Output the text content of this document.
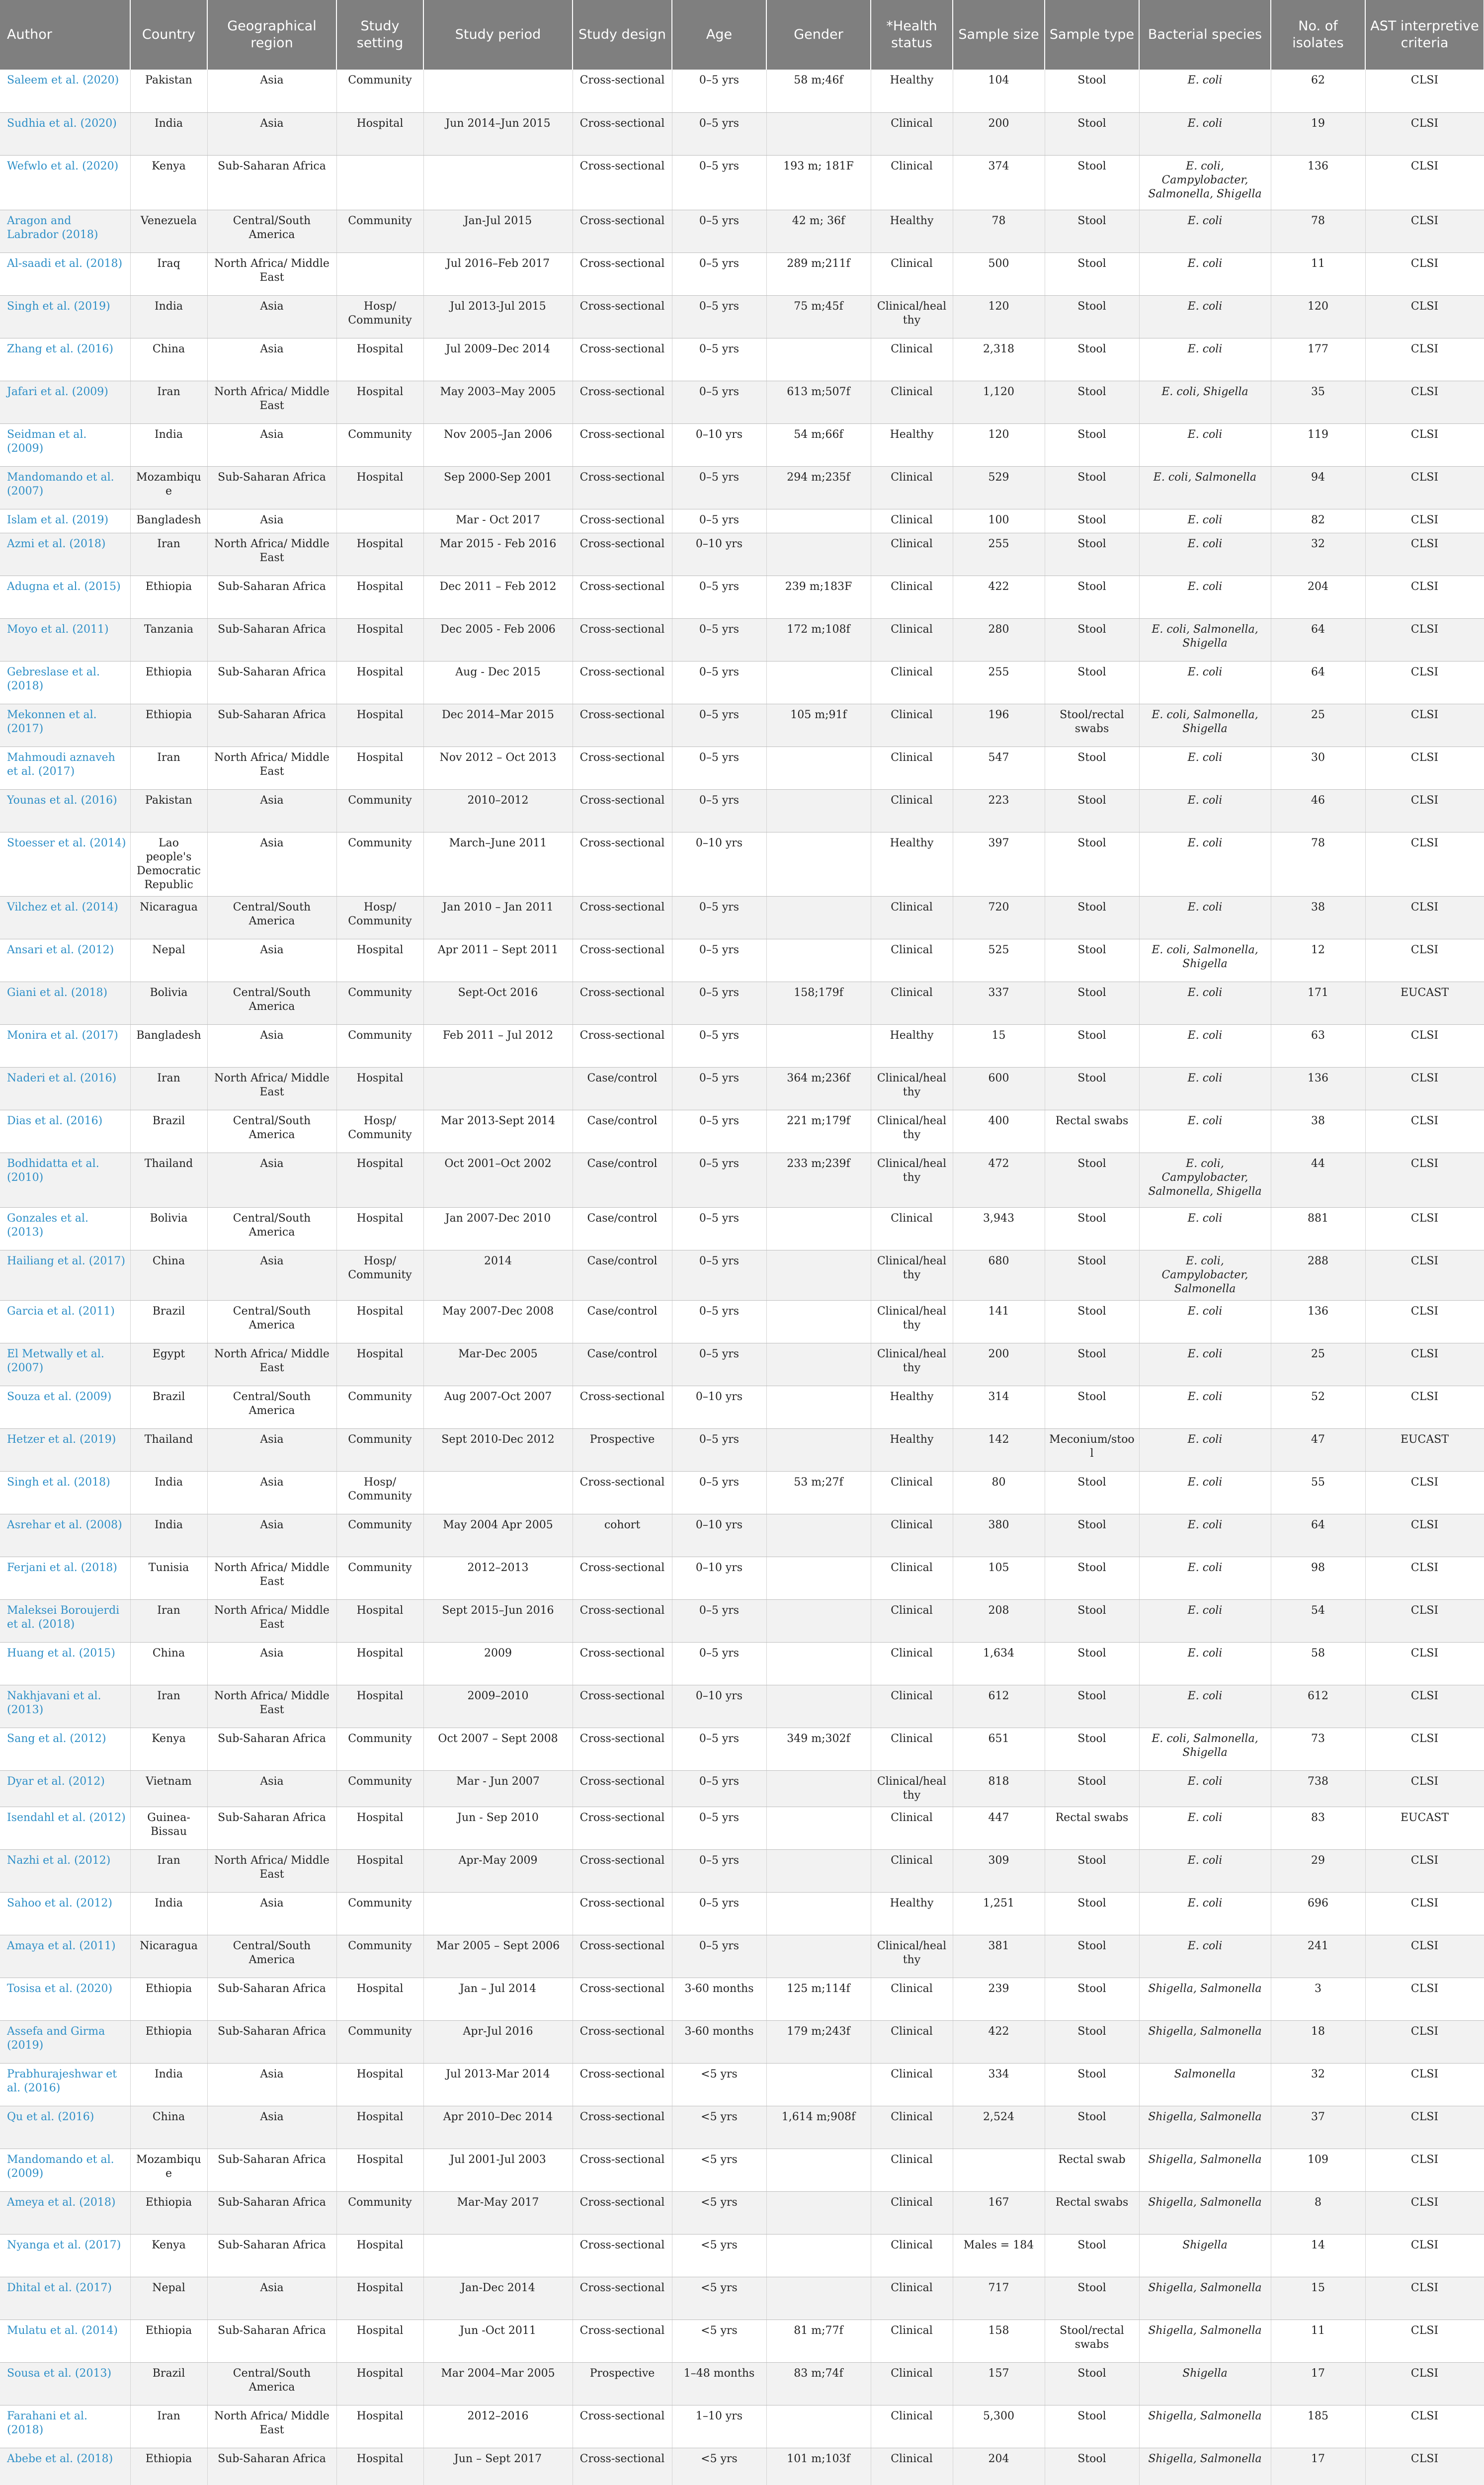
Author	Country	Geographical region	Study setting	Study period	Study design	Age	Gender	*Health status	Sample size	Sample type	Bacterial species	No. of isolates	AST interpretive criteria
Saleem et al. (2020)	Pakistan	Asia	Community		Cross-sectional	0–5 yrs	58 m;46f	Healthy	104	Stool	E. coli	62	CLSI
Sudhia et al. (2020)	India	Asia	Hospital	Jun 2014–Jun 2015	Cross-sectional	0–5 yrs		Clinical	200	Stool	E. coli	19	CLSI
Wefwlo et al. (2020)	Kenya	Sub-Saharan Africa			Cross-sectional	0–5 yrs	193 m; 181F	Clinical	374	Stool	E. coli, Campylobacter, Salmonella, Shigella	136	CLSI
Aragon and Labrador (2018)	Venezuela	Central/South America	Community	Jan-Jul 2015	Cross-sectional	0–5 yrs	42 m; 36f	Healthy	78	Stool	E. coli	78	CLSI
Al-saadi et al. (2018)	Iraq	North Africa/ Middle East		Jul 2016–Feb 2017	Cross-sectional	0–5 yrs	289 m;211f	Clinical	500	Stool	E. coli	11	CLSI
Singh et al. (2019)	India	Asia	Hosp/ Community	Jul 2013-Jul 2015	Cross-sectional	0–5 yrs	75 m;45f	Clinical/healthy	120	Stool	E. coli	120	CLSI
Zhang et al. (2016)	China	Asia	Hospital	Jul 2009–Dec 2014	Cross-sectional	0–5 yrs		Clinical	2,318	Stool	E. coli	177	CLSI
Jafari et al. (2009)	Iran	North Africa/ Middle East	Hospital	May 2003–May 2005	Cross-sectional	0–5 yrs	613 m;507f	Clinical	1,120	Stool	E. coli, Shigella	35	CLSI
Seidman et al. (2009)	India	Asia	Community	Nov 2005–Jan 2006	Cross-sectional	0–10 yrs	54 m;66f	Healthy	120	Stool	E. coli	119	CLSI
Mandomando et al. (2007)	Mozambique	Sub-Saharan Africa	Hospital	Sep 2000-Sep 2001	Cross-sectional	0–5 yrs	294 m;235f	Clinical	529	Stool	E. coli, Salmonella	94	CLSI
Islam et al. (2019)	Bangladesh	Asia		Mar - Oct 2017	Cross-sectional	0–5 yrs		Clinical	100	Stool	E. coli	82	CLSI
Azmi et al. (2018)	Iran	North Africa/ Middle East	Hospital	Mar 2015 - Feb 2016	Cross-sectional	0–10 yrs		Clinical	255	Stool	E. coli	32	CLSI
Adugna et al. (2015)	Ethiopia	Sub-Saharan Africa	Hospital	Dec 2011 – Feb 2012	Cross-sectional	0–5 yrs	239 m;183F	Clinical	422	Stool	E. coli	204	CLSI
Moyo et al. (2011)	Tanzania	Sub-Saharan Africa	Hospital	Dec 2005 - Feb 2006	Cross-sectional	0–5 yrs	172 m;108f	Clinical	280	Stool	E. coli, Salmonella, Shigella	64	CLSI
Gebreslase et al. (2018)	Ethiopia	Sub-Saharan Africa	Hospital	Aug - Dec 2015	Cross-sectional	0–5 yrs		Clinical	255	Stool	E. coli	64	CLSI
Mekonnen et al. (2017)	Ethiopia	Sub-Saharan Africa	Hospital	Dec 2014–Mar 2015	Cross-sectional	0–5 yrs	105 m;91f	Clinical	196	Stool/rectal swabs	E. coli, Salmonella, Shigella	25	CLSI
Mahmoudi aznaveh et al. (2017)	Iran	North Africa/ Middle East	Hospital	Nov 2012 – Oct 2013	Cross-sectional	0–5 yrs		Clinical	547	Stool	E. coli	30	CLSI
Younas et al. (2016)	Pakistan	Asia	Community	2010–2012	Cross-sectional	0–5 yrs		Clinical	223	Stool	E. coli	46	CLSI
Stoesser et al. (2014)	Lao people's Democratic Republic	Asia	Community	March–June 2011	Cross-sectional	0–10 yrs		Healthy	397	Stool	E. coli	78	CLSI
Vilchez et al. (2014)	Nicaragua	Central/South America	Hosp/ Community	Jan 2010 – Jan 2011	Cross-sectional	0–5 yrs		Clinical	720	Stool	E. coli	38	CLSI
Ansari et al. (2012)	Nepal	Asia	Hospital	Apr 2011 – Sept 2011	Cross-sectional	0–5 yrs		Clinical	525	Stool	E. coli, Salmonella, Shigella	12	CLSI
Giani et al. (2018)	Bolivia	Central/South America	Community	Sept-Oct 2016	Cross-sectional	0–5 yrs	158;179f	Clinical	337	Stool	E. coli	171	EUCAST
Monira et al. (2017)	Bangladesh	Asia	Community	Feb 2011 – Jul 2012	Cross-sectional	0–5 yrs		Healthy	15	Stool	E. coli	63	CLSI
Naderi et al. (2016)	Iran	North Africa/ Middle East	Hospital		Case/control	0–5 yrs	364 m;236f	Clinical/healthy	600	Stool	E. coli	136	CLSI
Dias et al. (2016)	Brazil	Central/South America	Hosp/ Community	Mar 2013-Sept 2014	Case/control	0–5 yrs	221 m;179f	Clinical/healthy	400	Rectal swabs	E. coli	38	CLSI
Bodhidatta et al. (2010)	Thailand	Asia	Hospital	Oct 2001–Oct 2002	Case/control	0–5 yrs	233 m;239f	Clinical/healthy	472	Stool	E. coli, Campylobacter, Salmonella, Shigella	44	CLSI
Gonzales et al. (2013)	Bolivia	Central/South America	Hospital	Jan 2007-Dec 2010	Case/control	0–5 yrs		Clinical	3,943	Stool	E. coli	881	CLSI
Hailiang et al. (2017)	China	Asia	Hosp/ Community	2014	Case/control	0–5 yrs		Clinical/healthy	680	Stool	E. coli, Campylobacter, Salmonella	288	CLSI
Garcia et al. (2011)	Brazil	Central/South America	Hospital	May 2007-Dec 2008	Case/control	0–5 yrs		Clinical/healthy	141	Stool	E. coli	136	CLSI
El Metwally et al. (2007)	Egypt	North Africa/ Middle East	Hospital	Mar-Dec 2005	Case/control	0–5 yrs		Clinical/healthy	200	Stool	E. coli	25	CLSI
Souza et al. (2009)	Brazil	Central/South America	Community	Aug 2007-Oct 2007	Cross-sectional	0–10 yrs		Healthy	314	Stool	E. coli	52	CLSI
Hetzer et al. (2019)	Thailand	Asia	Community	Sept 2010-Dec 2012	Prospective	0–5 yrs		Healthy	142	Meconium/stool	E. coli	47	EUCAST
Singh et al. (2018)	India	Asia	Hosp/ Community		Cross-sectional	0–5 yrs	53 m;27f	Clinical	80	Stool	E. coli	55	CLSI
Asrehar et al. (2008)	India	Asia	Community	May 2004 Apr 2005	cohort	0–10 yrs		Clinical	380	Stool	E. coli	64	CLSI
Ferjani et al. (2018)	Tunisia	North Africa/ Middle East	Community	2012–2013	Cross-sectional	0–10 yrs		Clinical	105	Stool	E. coli	98	CLSI
Maleksei Boroujerdi et al. (2018)	Iran	North Africa/ Middle East	Hospital	Sept 2015–Jun 2016	Cross-sectional	0–5 yrs		Clinical	208	Stool	E. coli	54	CLSI
Huang et al. (2015)	China	Asia	Hospital	2009	Cross-sectional	0–5 yrs		Clinical	1,634	Stool	E. coli	58	CLSI
Nakhjavani et al. (2013)	Iran	North Africa/ Middle East	Hospital	2009–2010	Cross-sectional	0–10 yrs		Clinical	612	Stool	E. coli	612	CLSI
Sang et al. (2012)	Kenya	Sub-Saharan Africa	Community	Oct 2007 – Sept 2008	Cross-sectional	0–5 yrs	349 m;302f	Clinical	651	Stool	E. coli, Salmonella, Shigella	73	CLSI
Dyar et al. (2012)	Vietnam	Asia	Community	Mar - Jun 2007	Cross-sectional	0–5 yrs		Clinical/healthy	818	Stool	E. coli	738	CLSI
Isendahl et al. (2012)	Guinea-Bissau	Sub-Saharan Africa	Hospital	Jun - Sep 2010	Cross-sectional	0–5 yrs		Clinical	447	Rectal swabs	E. coli	83	EUCAST
Nazhi et al. (2012)	Iran	North Africa/ Middle East	Hospital	Apr-May 2009	Cross-sectional	0–5 yrs		Clinical	309	Stool	E. coli	29	CLSI
Sahoo et al. (2012)	India	Asia	Community		Cross-sectional	0–5 yrs		Healthy	1,251	Stool	E. coli	696	CLSI
Amaya et al. (2011)	Nicaragua	Central/South America	Community	Mar 2005 – Sept 2006	Cross-sectional	0–5 yrs		Clinical/healthy	381	Stool	E. coli	241	CLSI
Tosisa et al. (2020)	Ethiopia	Sub-Saharan Africa	Hospital	Jan – Jul 2014	Cross-sectional	3-60 months	125 m;114f	Clinical	239	Stool	Shigella, Salmonella	3	CLSI
Assefa and Girma (2019)	Ethiopia	Sub-Saharan Africa	Community	Apr-Jul 2016	Cross-sectional	3-60 months	179 m;243f	Clinical	422	Stool	Shigella, Salmonella	18	CLSI
Prabhurajeshwar et al. (2016)	India	Asia	Hospital	Jul 2013-Mar 2014	Cross-sectional	<5 yrs		Clinical	334	Stool	Salmonella	32	CLSI
Qu et al. (2016)	China	Asia	Hospital	Apr 2010–Dec 2014	Cross-sectional	<5 yrs	1,614 m;908f	Clinical	2,524	Stool	Shigella, Salmonella	37	CLSI
Mandomando et al. (2009)	Mozambique	Sub-Saharan Africa	Hospital	Jul 2001-Jul 2003	Cross-sectional	<5 yrs		Clinical		Rectal swab	Shigella, Salmonella	109	CLSI
Ameya et al. (2018)	Ethiopia	Sub-Saharan Africa	Community	Mar-May 2017	Cross-sectional	<5 yrs		Clinical	167	Rectal swabs	Shigella, Salmonella	8	CLSI
Nyanga et al. (2017)	Kenya	Sub-Saharan Africa	Hospital		Cross-sectional	<5 yrs		Clinical	Males = 184	Stool	Shigella	14	CLSI
Dhital et al. (2017)	Nepal	Asia	Hospital	Jan-Dec 2014	Cross-sectional	<5 yrs		Clinical	717	Stool	Shigella, Salmonella	15	CLSI
Mulatu et al. (2014)	Ethiopia	Sub-Saharan Africa	Hospital	Jun -Oct 2011	Cross-sectional	<5 yrs	81 m;77f	Clinical	158	Stool/rectal swabs	Shigella, Salmonella	11	CLSI
Sousa et al. (2013)	Brazil	Central/South America	Hospital	Mar 2004–Mar 2005	Prospective	1–48 months	83 m;74f	Clinical	157	Stool	Shigella	17	CLSI
Farahani et al. (2018)	Iran	North Africa/ Middle East	Hospital	2012–2016	Cross-sectional	1–10 yrs		Clinical	5,300	Stool	Shigella, Salmonella	185	CLSI
Abebe et al. (2018)	Ethiopia	Sub-Saharan Africa	Hospital	Jun – Sept 2017	Cross-sectional	<5 yrs	101 m;103f	Clinical	204	Stool	Shigella, Salmonella	17	CLSI
